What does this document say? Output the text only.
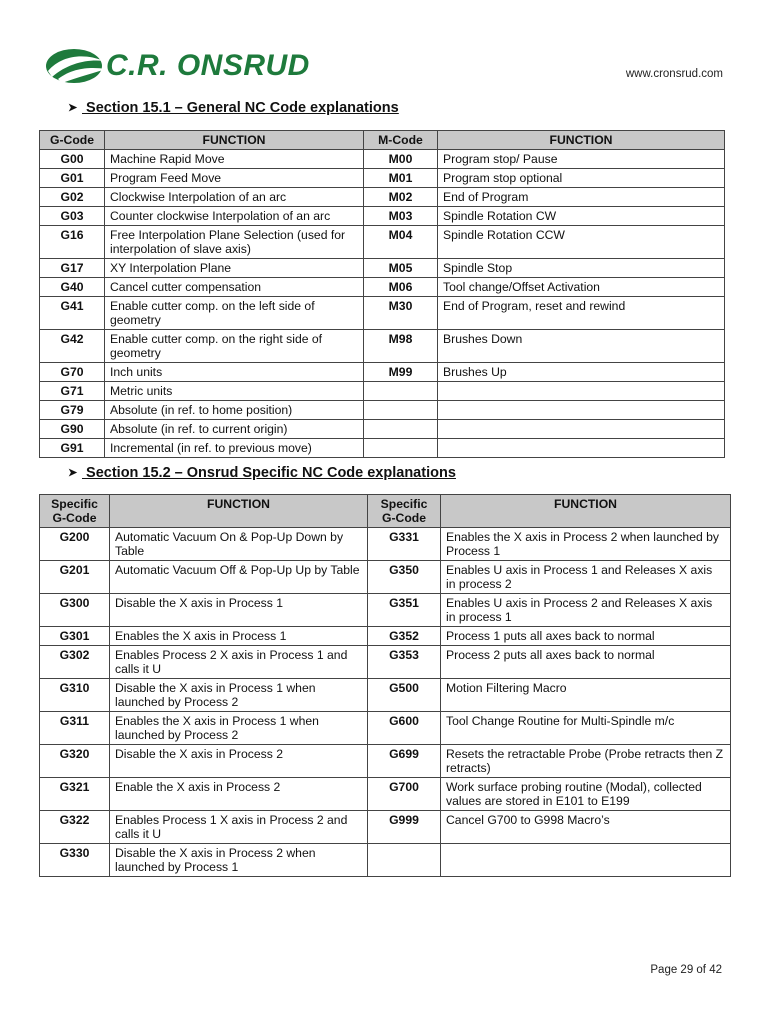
C.R. ONSRUD	www.cronsrud.com
➤ Section 15.1 – General NC Code explanations
G-Code	FUNCTION	M-Code	FUNCTION
G00	Machine Rapid Move	M00	Program stop/ Pause
G01	Program Feed Move	M01	Program stop optional
G02	Clockwise Interpolation of an arc	M02	End of Program
G03	Counter clockwise Interpolation of an arc	M03	Spindle Rotation CW
G16	Free Interpolation Plane Selection (used for interpolation of slave axis)	M04	Spindle Rotation CCW
G17	XY Interpolation Plane	M05	Spindle Stop
G40	Cancel cutter compensation	M06	Tool change/Offset Activation
G41	Enable cutter comp. on the left side of geometry	M30	End of Program, reset and rewind
G42	Enable cutter comp. on the right side of geometry	M98	Brushes Down
G70	Inch units	M99	Brushes Up
G71	Metric units		
G79	Absolute (in ref. to home position)		
G90	Absolute (in ref. to current origin)		
G91	Incremental (in ref. to previous move)		
➤ Section 15.2 – Onsrud Specific NC Code explanations
Specific G-Code	FUNCTION	Specific G-Code	FUNCTION
G200	Automatic Vacuum On & Pop-Up Down by Table	G331	Enables the X axis in Process 2 when launched by Process 1
G201	Automatic Vacuum Off & Pop-Up Up by Table	G350	Enables U axis in Process 1 and Releases X axis in process 2
G300	Disable the X axis in Process 1	G351	Enables U axis in Process 2 and Releases X axis in process 1
G301	Enables the X axis in Process 1	G352	Process 1 puts all axes back to normal
G302	Enables Process 2 X axis in Process 1 and calls it U	G353	Process 2 puts all axes back to normal
G310	Disable the X axis in Process 1 when launched by Process 2	G500	Motion Filtering Macro
G311	Enables the X axis in Process 1 when launched by Process 2	G600	Tool Change Routine for Multi-Spindle m/c
G320	Disable the X axis in Process 2	G699	Resets the retractable Probe (Probe retracts then Z retracts)
G321	Enable the X axis in Process 2	G700	Work surface probing routine (Modal), collected values are stored in E101 to E199
G322	Enables Process 1 X axis in Process 2 and calls it U	G999	Cancel G700 to G998 Macro’s
G330	Disable the X axis in Process 2 when launched by Process 1		
Page 29 of 42
